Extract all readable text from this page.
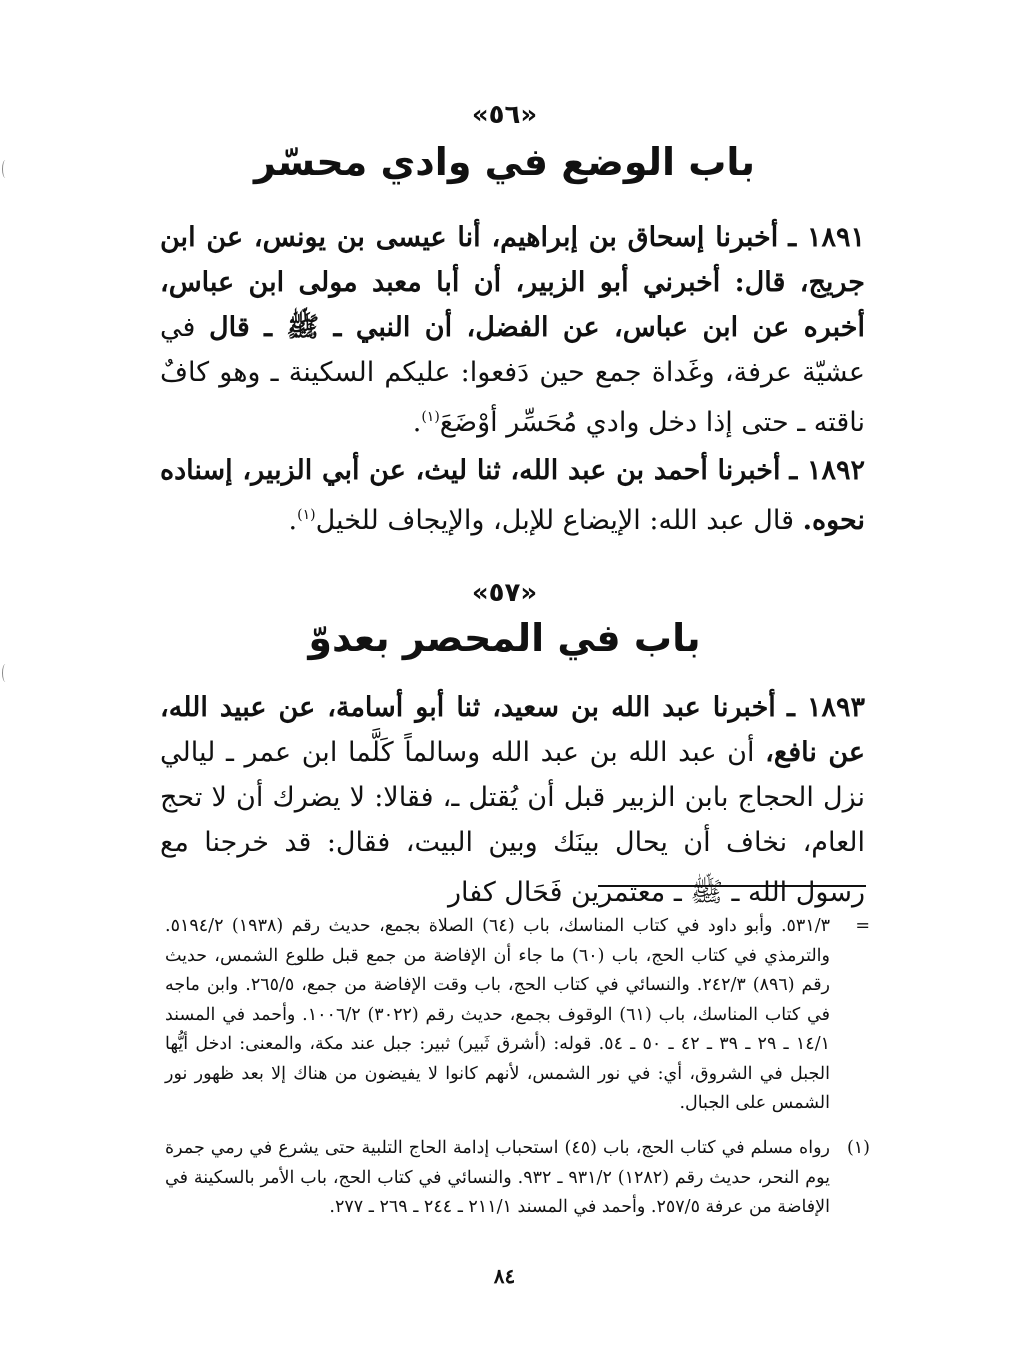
«٥٦»
باب الوضع في وادي محسّر
١٨٩١ ـ أخبرنا إسحاق بن إبراهيم، أنا عيسى بن يونس، عن ابن جريج، قال: أخبرني أبو الزبير، أن أبا معبد مولى ابن عباس، أخبره عن ابن عباس، عن الفضل، أن النبي ـ ﷺ ـ قال في عشيّة عرفة، وغَداة جمع حين دَفعوا: عليكم السكينة ـ وهو كافٌ ناقته ـ حتى إذا دخل وادي مُحَسِّر أوْضَعَ$^{(١)}$.
١٨٩٢ ـ أخبرنا أحمد بن عبد الله، ثنا ليث، عن أبي الزبير، إسناده نحوه. قال عبد الله: الإيضاع للإبل، والإيجاف للخيل$^{(١)}$.
«٥٧»
باب في المحصر بعدوّ
١٨٩٣ ـ أخبرنا عبد الله بن سعيد، ثنا أبو أسامة، عن عبيد الله، عن نافع، أن عبد الله بن عبد الله وسالماً كَلَّما ابن عمر ـ ليالي نزل الحجاج بابن الزبير قبل أن يُقتل ـ، فقالا: لا يضرك أن لا تحج العام، نخاف أن يحال بينَك وبين البيت، فقال: قد خرجنا مع رسول الله ـ ﷺ ـ معتمرين فَحَال كفار
=
٥٣١/٣. وأبو داود في كتاب المناسك، باب (٦٤) الصلاة بجمع، حديث رقم (١٩٣٨) ٥١٩٤/٢. والترمذي في كتاب الحج، باب (٦٠) ما جاء أن الإفاضة من جمع قبل طلوع الشمس، حديث رقم (٨٩٦) ٢٤٢/٣. والنسائي في كتاب الحج، باب وقت الإفاضة من جمع، ٢٦٥/٥. وابن ماجه في كتاب المناسك، باب (٦١) الوقوف بجمع، حديث رقم (٣٠٢٢) ١٠٠٦/٢. وأحمد في المسند ١٤/١ ـ ٢٩ ـ ٣٩ ـ ٤٢ ـ ٥٠ ـ ٥٤. قوله: (أشرق ثَبير) ثبير: جبل عند مكة، والمعنى: ادخل أيُّها الجبل في الشروق، أي: في نور الشمس، لأنهم كانوا لا يفيضون من هناك إلا بعد ظهور نور الشمس على الجبال.
(١)
رواه مسلم في كتاب الحج، باب (٤٥) استحباب إدامة الحاج التلبية حتى يشرع في رمي جمرة يوم النحر، حديث رقم (١٢٨٢) ٩٣١/٢ ـ ٩٣٢. والنسائي في كتاب الحج، باب الأمر بالسكينة في الإفاضة من عرفة ٢٥٧/٥. وأحمد في المسند ٢١١/١ ـ ٢٤٤ ـ ٢٦٩ ـ ٢٧٧.
٨٤
